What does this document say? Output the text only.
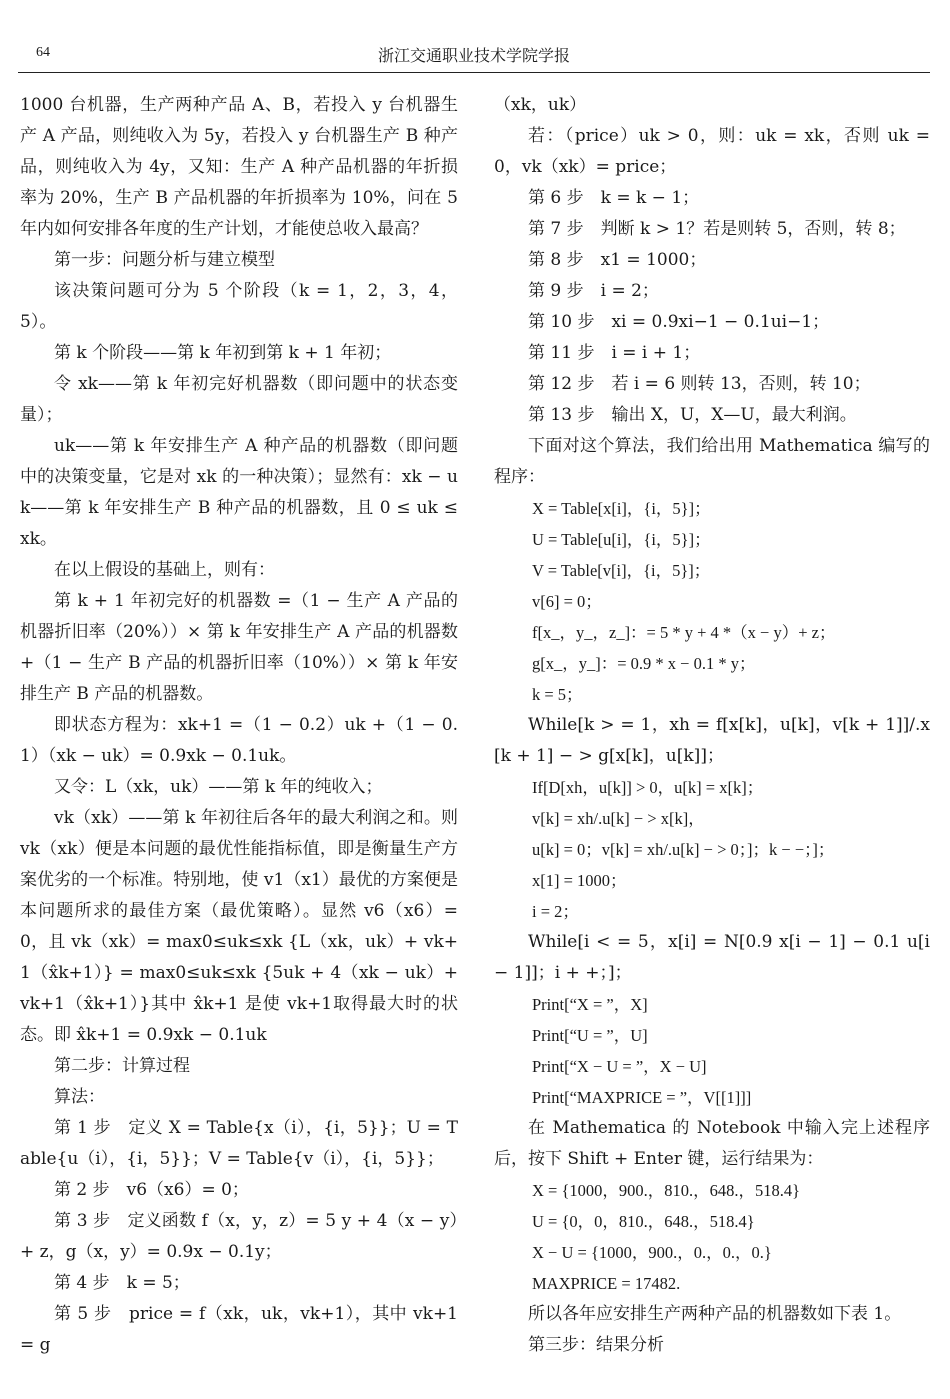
64	浙江交通职业技术学院学报

1000 台机器，生产两种产品 A、B，若投入 y 台机器生产 A 产品，则纯收入为 5y，若投入 y 台机器生产 B 种产品，则纯收入为 4y，又知：生产 A 种产品机器的年折损率为 20%，生产 B 产品机器的年折损率为 10%，问在 5 年内如何安排各年度的生产计划，才能使总收入最高？

第一步：问题分析与建立模型

该决策问题可分为 5 个阶段（k = 1，2，3，4，5）。

第 k 个阶段——第 k 年初到第 k + 1 年初；

令 xk——第 k 年初完好机器数（即问题中的状态变量）；

uk——第 k 年安排生产 A 种产品的机器数（即问题中的决策变量，它是对 xk 的一种决策）；显然有：xk − uk——第 k 年安排生产 B 种产品的机器数，且 0 ≤ uk ≤ xk。

在以上假设的基础上，则有：

第 k + 1 年初完好的机器数 =（1 − 生产 A 产品的机器折旧率（20%））× 第 k 年安排生产 A 产品的机器数 +（1 − 生产 B 产品的机器折旧率（10%））× 第 k 年安排生产 B 产品的机器数。

即状态方程为：xk+1 =（1 − 0.2）uk +（1 − 0.1）（xk − uk）= 0.9xk − 0.1uk。

又令：L（xk，uk）——第 k 年的纯收入；

vk（xk）——第 k 年初往后各年的最大利润之和。则 vk（xk）便是本问题的最优性能指标值，即是衡量生产方案优劣的一个标准。特别地，使 v1（x1）最优的方案便是本问题所求的最佳方案（最优策略）。显然 v6（x6）= 0，且 vk（xk）= max0≤uk≤xk {L（xk，uk）+ vk+1（x̂k+1）} = max0≤uk≤xk {5uk + 4（xk − uk）+ vk+1（x̂k+1）}其中 x̂k+1 是使 vk+1取得最大时的状态。即 x̂k+1 = 0.9xk − 0.1uk

第二步：计算过程

算法：

第 1 步　定义 X = Table{x（i），{i，5}}；U = Table{u（i），{i，5}}；V = Table{v（i），{i，5}}；

第 2 步　v6（x6）= 0；

第 3 步　定义函数 f（x，y，z）= 5 y + 4（x − y）+ z，g（x，y）= 0.9x − 0.1y；

第 4 步　k = 5；

第 5 步　price = f（xk，uk，vk+1），其中 vk+1 = g

（xk，uk）

若：（price）uk > 0，则：uk = xk，否则 uk = 0，vk（xk）= price；

第 6 步　k = k − 1；

第 7 步　判断 k > 1？若是则转 5，否则，转 8；

第 8 步　x1 = 1000；

第 9 步　i = 2；

第 10 步　xi = 0.9xi−1 − 0.1ui−1；

第 11 步　i = i + 1；

第 12 步　若 i = 6 则转 13，否则，转 10；

第 13 步　输出 X，U，X—U，最大利润。

下面对这个算法，我们给出用 Mathematica 编写的程序：

X = Table[x[i]，{i，5}]；

U = Table[u[i]，{i，5}]；

V = Table[v[i]，{i，5}]；

v[6] = 0；

f[x_，y_，z_]：= 5 * y + 4 *（x − y）+ z；

g[x_，y_]：= 0.9 * x − 0.1 * y；

k = 5；

While[k > = 1，xh = f[x[k]，u[k]，v[k + 1]]/.x[k + 1] − > g[x[k]，u[k]]；

If[D[xh，u[k]] > 0，u[k] = x[k]；

v[k] = xh/.u[k] − > x[k]，

u[k] = 0；v[k] = xh/.u[k] − > 0；]；k − −；]；

x[1] = 1000；

i = 2；

While[i < = 5，x[i] = N[0.9 x[i − 1] − 0.1 u[i − 1]]；i + +；]；

Print[“X = ”，X]

Print[“U = ”，U]

Print[“X − U = ”，X − U]

Print[“MAXPRICE = ”，V[[1]]]

在 Mathematica 的 Notebook 中输入完上述程序后，按下 Shift + Enter 键，运行结果为：

X = {1000，900.，810.，648.，518.4}

U = {0，0，810.，648.，518.4}

X − U = {1000，900.，0.，0.，0.}

MAXPRICE = 17482.

所以各年应安排生产两种产品的机器数如下表 1。

第三步：结果分析
